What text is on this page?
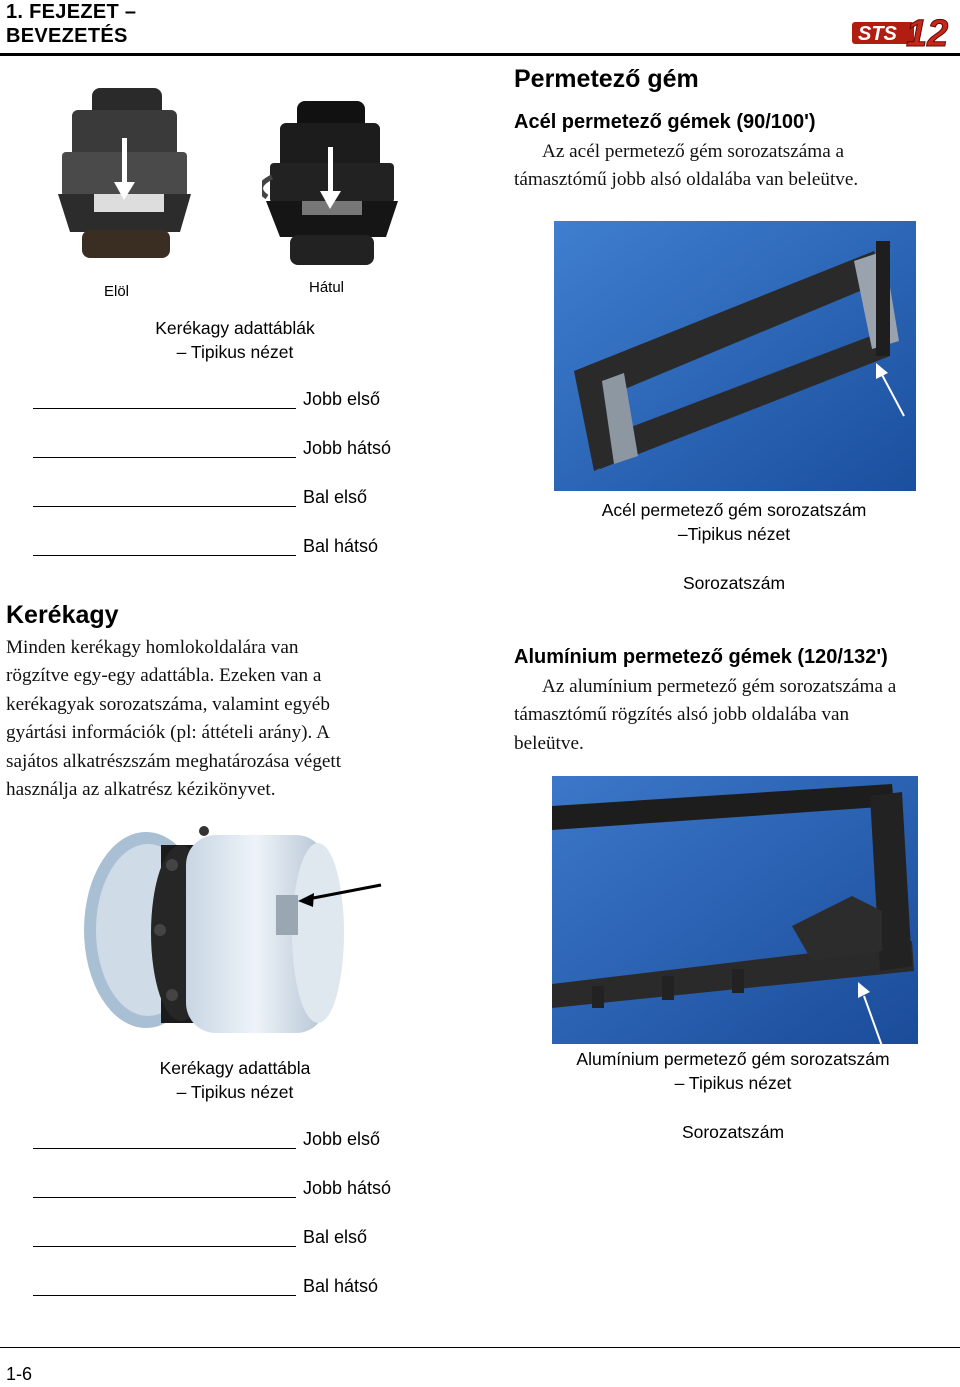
1. FEJEZET –
BEVEZETÉS	STS 12
Elöl	Hátul
Kerékagy adattáblák
– Tipikus nézet
Jobb első
Jobb hátsó
Bal első
Bal hátsó
Kerékagy
Minden kerékagy homlokoldalára van
rögzítve egy-egy adattábla. Ezeken van a
kerékagyak sorozatszáma, valamint egyéb
gyártási információk (pl: áttételi arány). A
sajátos alkatrészszám meghatározása végett
használja az alkatrész kézikönyvet.
Kerékagy adattábla
– Tipikus nézet
Jobb első
Jobb hátsó
Bal első
Bal hátsó
Permetező gém
Acél permetező gémek (90/100')
Az acél permetező gém sorozatszáma a
támasztómű jobb alsó oldalába van beleütve.
Acél permetező gém sorozatszám
–Tipikus nézet
Sorozatszám
Alumínium permetező gémek (120/132')
Az alumínium permetező gém sorozatszáma a
támasztómű rögzítés alsó jobb oldalába van
beleütve.
Alumínium permetező gém sorozatszám
– Tipikus nézet
Sorozatszám
1-6
